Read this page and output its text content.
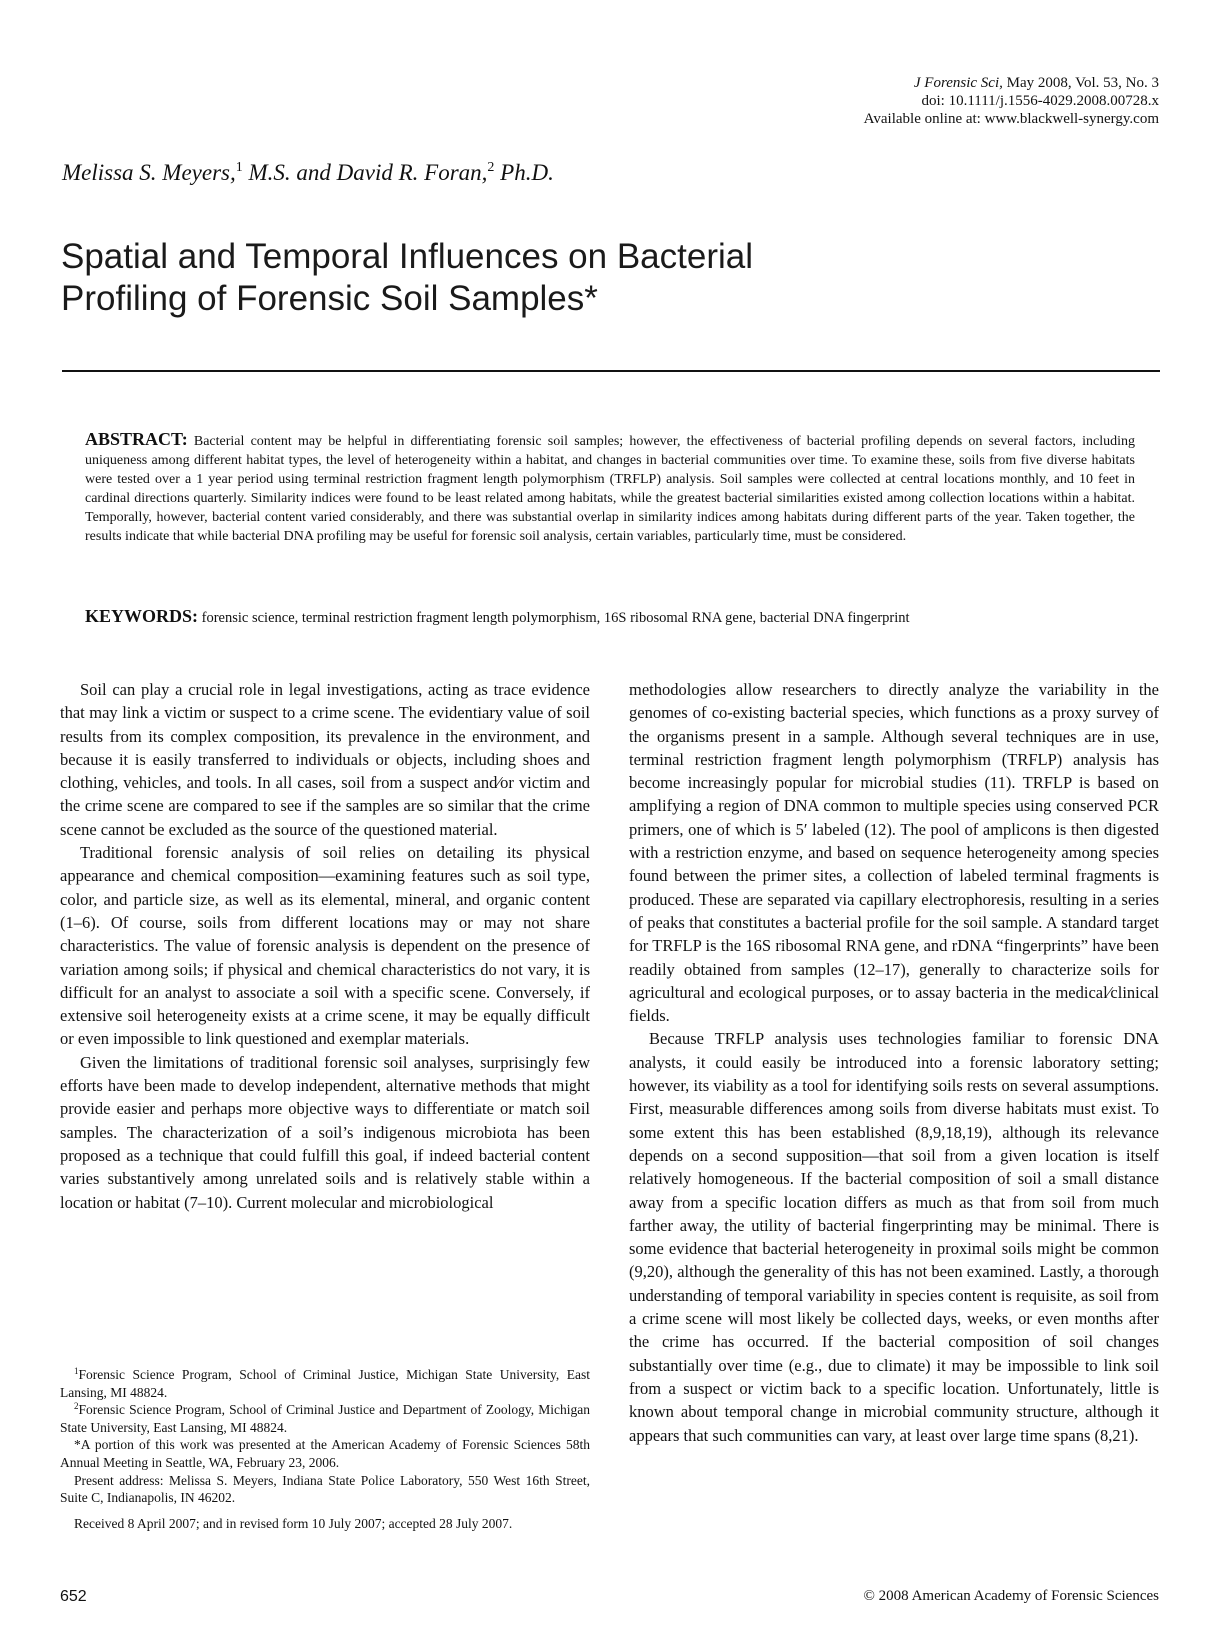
J Forensic Sci, May 2008, Vol. 53, No. 3
doi: 10.1111/j.1556-4029.2008.00728.x
Available online at: www.blackwell-synergy.com
Melissa S. Meyers,$^1$ M.S. and David R. Foran,$^2$ Ph.D.
Spatial and Temporal Influences on Bacterial
Profiling of Forensic Soil Samples*
ABSTRACT: Bacterial content may be helpful in differentiating forensic soil samples; however, the effectiveness of bacterial profiling depends on several factors, including uniqueness among different habitat types, the level of heterogeneity within a habitat, and changes in bacterial communities over time. To examine these, soils from five diverse habitats were tested over a 1 year period using terminal restriction fragment length polymorphism (TRFLP) analysis. Soil samples were collected at central locations monthly, and 10 feet in cardinal directions quarterly. Similarity indices were found to be least related among habitats, while the greatest bacterial similarities existed among collection locations within a habitat. Temporally, however, bacterial content varied considerably, and there was substantial overlap in similarity indices among habitats during different parts of the year. Taken together, the results indicate that while bacterial DNA profiling may be useful for forensic soil analysis, certain variables, particularly time, must be considered.
KEYWORDS: forensic science, terminal restriction fragment length polymorphism, 16S ribosomal RNA gene, bacterial DNA fingerprint

Soil can play a crucial role in legal investigations, acting as trace evidence that may link a victim or suspect to a crime scene. The evidentiary value of soil results from its complex composition, its prevalence in the environment, and because it is easily transferred to individuals or objects, including shoes and clothing, vehicles, and tools. In all cases, soil from a suspect and⁄or victim and the crime scene are compared to see if the samples are so similar that the crime scene cannot be excluded as the source of the questioned material.

Traditional forensic analysis of soil relies on detailing its physical appearance and chemical composition—examining features such as soil type, color, and particle size, as well as its elemental, mineral, and organic content (1–6). Of course, soils from different locations may or may not share characteristics. The value of forensic analysis is dependent on the presence of variation among soils; if physical and chemical characteristics do not vary, it is difficult for an analyst to associate a soil with a specific scene. Conversely, if extensive soil heterogeneity exists at a crime scene, it may be equally difficult or even impossible to link questioned and exemplar materials.

Given the limitations of traditional forensic soil analyses, surprisingly few efforts have been made to develop independent, alternative methods that might provide easier and perhaps more objective ways to differentiate or match soil samples. The characterization of a soil’s indigenous microbiota has been proposed as a technique that could fulfill this goal, if indeed bacterial content varies substantively among unrelated soils and is relatively stable within a location or habitat (7–10). Current molecular and microbiological

$^1$Forensic Science Program, School of Criminal Justice, Michigan State University, East Lansing, MI 48824.

$^2$Forensic Science Program, School of Criminal Justice and Department of Zoology, Michigan State University, East Lansing, MI 48824.

*A portion of this work was presented at the American Academy of Forensic Sciences 58th Annual Meeting in Seattle, WA, February 23, 2006.

Present address: Melissa S. Meyers, Indiana State Police Laboratory, 550 West 16th Street, Suite C, Indianapolis, IN 46202.

Received 8 April 2007; and in revised form 10 July 2007; accepted 28 July 2007.

methodologies allow researchers to directly analyze the variability in the genomes of co-existing bacterial species, which functions as a proxy survey of the organisms present in a sample. Although several techniques are in use, terminal restriction fragment length polymorphism (TRFLP) analysis has become increasingly popular for microbial studies (11). TRFLP is based on amplifying a region of DNA common to multiple species using conserved PCR primers, one of which is 5′ labeled (12). The pool of amplicons is then digested with a restriction enzyme, and based on sequence heterogeneity among species found between the primer sites, a collection of labeled terminal fragments is produced. These are separated via capillary electrophoresis, resulting in a series of peaks that constitutes a bacterial profile for the soil sample. A standard target for TRFLP is the 16S ribosomal RNA gene, and rDNA “fingerprints” have been readily obtained from samples (12–17), generally to characterize soils for agricultural and ecological purposes, or to assay bacteria in the medical⁄clinical fields.

Because TRFLP analysis uses technologies familiar to forensic DNA analysts, it could easily be introduced into a forensic laboratory setting; however, its viability as a tool for identifying soils rests on several assumptions. First, measurable differences among soils from diverse habitats must exist. To some extent this has been established (8,9,18,19), although its relevance depends on a second supposition—that soil from a given location is itself relatively homogeneous. If the bacterial composition of soil a small distance away from a specific location differs as much as that from soil from much farther away, the utility of bacterial fingerprinting may be minimal. There is some evidence that bacterial heterogeneity in proximal soils might be common (9,20), although the generality of this has not been examined. Lastly, a thorough understanding of temporal variability in species content is requisite, as soil from a crime scene will most likely be collected days, weeks, or even months after the crime has occurred. If the bacterial composition of soil changes substantially over time (e.g., due to climate) it may be impossible to link soil from a suspect or victim back to a specific location. Unfortunately, little is known about temporal change in microbial community structure, although it appears that such communities can vary, at least over large time spans (8,21).

652	© 2008 American Academy of Forensic Sciences
